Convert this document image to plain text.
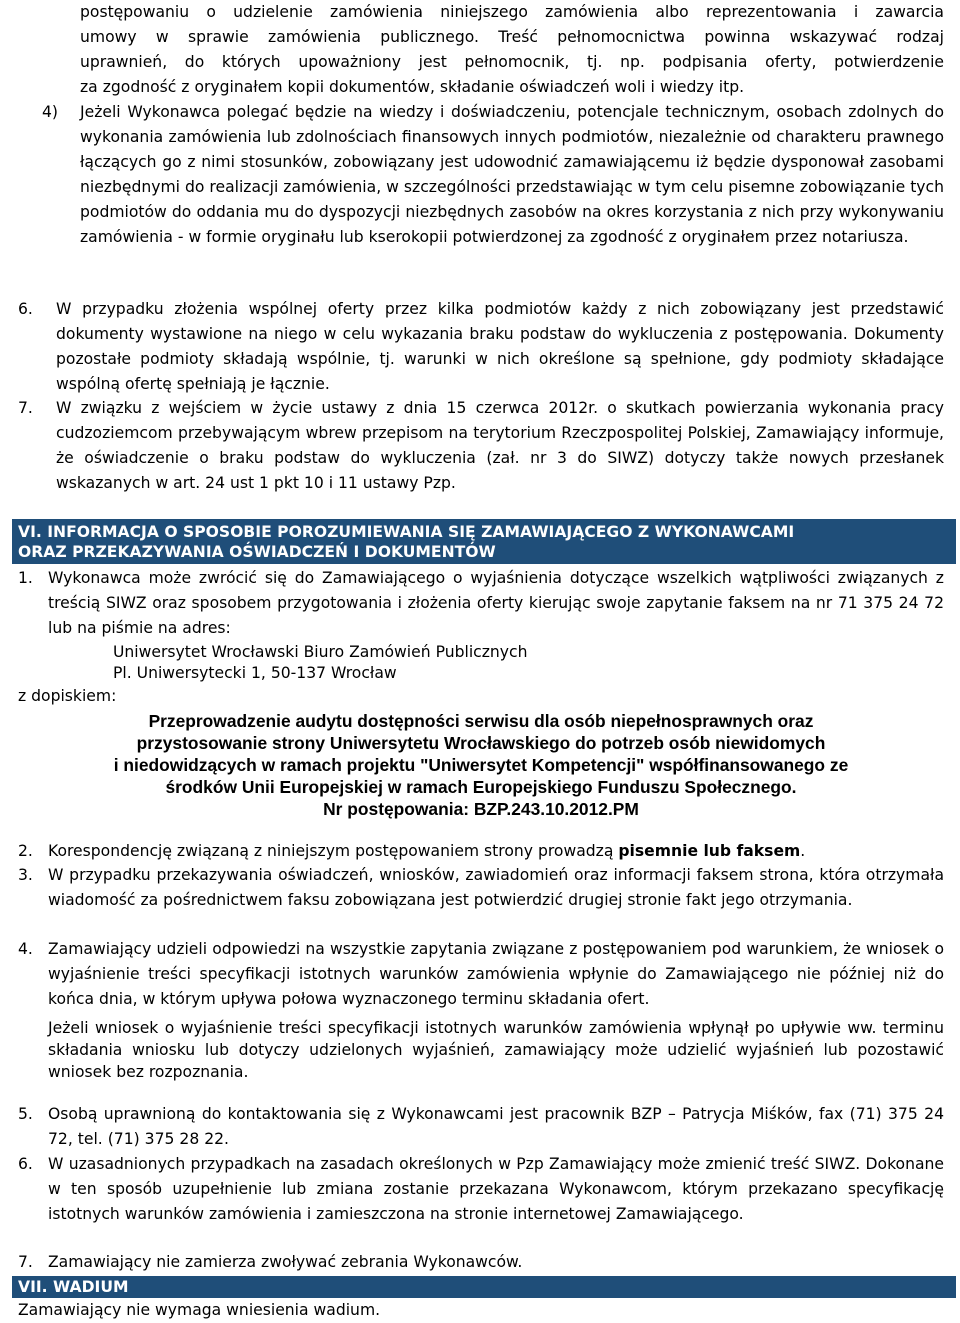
postępowaniu o udzielenie zamówienia niniejszego zamówienia albo reprezentowania i zawarcia

umowy w sprawie zamówienia publicznego. Treść pełnomocnictwa powinna wskazywać rodzaj

uprawnień, do których upoważniony jest pełnomocnik, tj. np. podpisania oferty, potwierdzenie

za zgodność z oryginałem kopii dokumentów, składanie oświadczeń woli i wiedzy itp.

4) Jeżeli Wykonawca polegać będzie na wiedzy i doświadczeniu, potencjale technicznym, osobach zdolnych do wykonania zamówienia lub zdolnościach finansowych innych podmiotów, niezależnie od charakteru prawnego łączących go z nimi stosunków, zobowiązany jest udowodnić zamawiającemu iż będzie dysponował zasobami niezbędnymi do realizacji zamówienia, w szczególności przedstawiając w tym celu pisemne zobowiązanie tych podmiotów do oddania mu do dyspozycji niezbędnych zasobów na okres korzystania z nich przy wykonywaniu zamówienia - w formie oryginału lub kserokopii potwierdzonej za zgodność z oryginałem przez notariusza.

6. W przypadku złożenia wspólnej oferty przez kilka podmiotów każdy z nich zobowiązany jest przedstawić dokumenty wystawione na niego w celu wykazania braku podstaw do wykluczenia z postępowania. Dokumenty pozostałe podmioty składają wspólnie, tj. warunki w nich określone są spełnione, gdy podmioty składające wspólną ofertę spełniają je łącznie.

7. W związku z wejściem w życie ustawy z dnia 15 czerwca 2012r. o skutkach powierzania wykonania pracy cudzoziemcom przebywającym wbrew przepisom na terytorium Rzeczpospolitej Polskiej, Zamawiający informuje, że oświadczenie o braku podstaw do wykluczenia (zał. nr 3 do SIWZ) dotyczy także nowych przesłanek wskazanych w art. 24 ust 1 pkt 10 i 11 ustawy Pzp.

VI. INFORMACJA O SPOSOBIE POROZUMIEWANIA SIĘ ZAMAWIAJĄCEGO Z WYKONAWCAMI
ORAZ PRZEKAZYWANIA OŚWIADCZEŃ I DOKUMENTÓW
1. Wykonawca może zwrócić się do Zamawiającego o wyjaśnienia dotyczące wszelkich wątpliwości związanych z treścią SIWZ oraz sposobem przygotowania i złożenia oferty kierując swoje zapytanie faksem na nr 71 375 24 72 lub na piśmie na adres:

Uniwersytet Wrocławski Biuro Zamówień Publicznych

Pl. Uniwersytecki 1, 50-137 Wrocław

z dopiskiem:

Przeprowadzenie audytu dostępności serwisu dla osób niepełnosprawnych oraz

przystosowanie strony Uniwersytetu Wrocławskiego do potrzeb osób niewidomych

i niedowidzących w ramach projektu "Uniwersytet Kompetencji" współfinansowanego ze

środków Unii Europejskiej w ramach Europejskiego Funduszu Społecznego.

Nr postępowania: BZP.243.10.2012.PM

2. Korespondencję związaną z niniejszym postępowaniem strony prowadzą pisemnie lub faksem.

3. W przypadku przekazywania oświadczeń, wniosków, zawiadomień oraz informacji faksem strona, która otrzymała wiadomość za pośrednictwem faksu zobowiązana jest potwierdzić drugiej stronie fakt jego otrzymania.

4. Zamawiający udzieli odpowiedzi na wszystkie zapytania związane z postępowaniem pod warunkiem, że wniosek o wyjaśnienie treści specyfikacji istotnych warunków zamówienia wpłynie do Zamawiającego nie później niż do końca dnia, w którym upływa połowa wyznaczonego terminu składania ofert.

Jeżeli wniosek o wyjaśnienie treści specyfikacji istotnych warunków zamówienia wpłynął po upływie ww. terminu składania wniosku lub dotyczy udzielonych wyjaśnień, zamawiający może udzielić wyjaśnień lub pozostawić wniosek bez rozpoznania.

5. Osobą uprawnioną do kontaktowania się z Wykonawcami jest pracownik BZP – Patrycja Miśków, fax (71) 375 24 72, tel. (71) 375 28 22.

6. W uzasadnionych przypadkach na zasadach określonych w Pzp Zamawiający może zmienić treść SIWZ. Dokonane w ten sposób uzupełnienie lub zmiana zostanie przekazana Wykonawcom, którym przekazano specyfikację istotnych warunków zamówienia i zamieszczona na stronie internetowej Zamawiającego.

7. Zamawiający nie zamierza zwoływać zebrania Wykonawców.

VII. WADIUM

Zamawiający nie wymaga wniesienia wadium.
